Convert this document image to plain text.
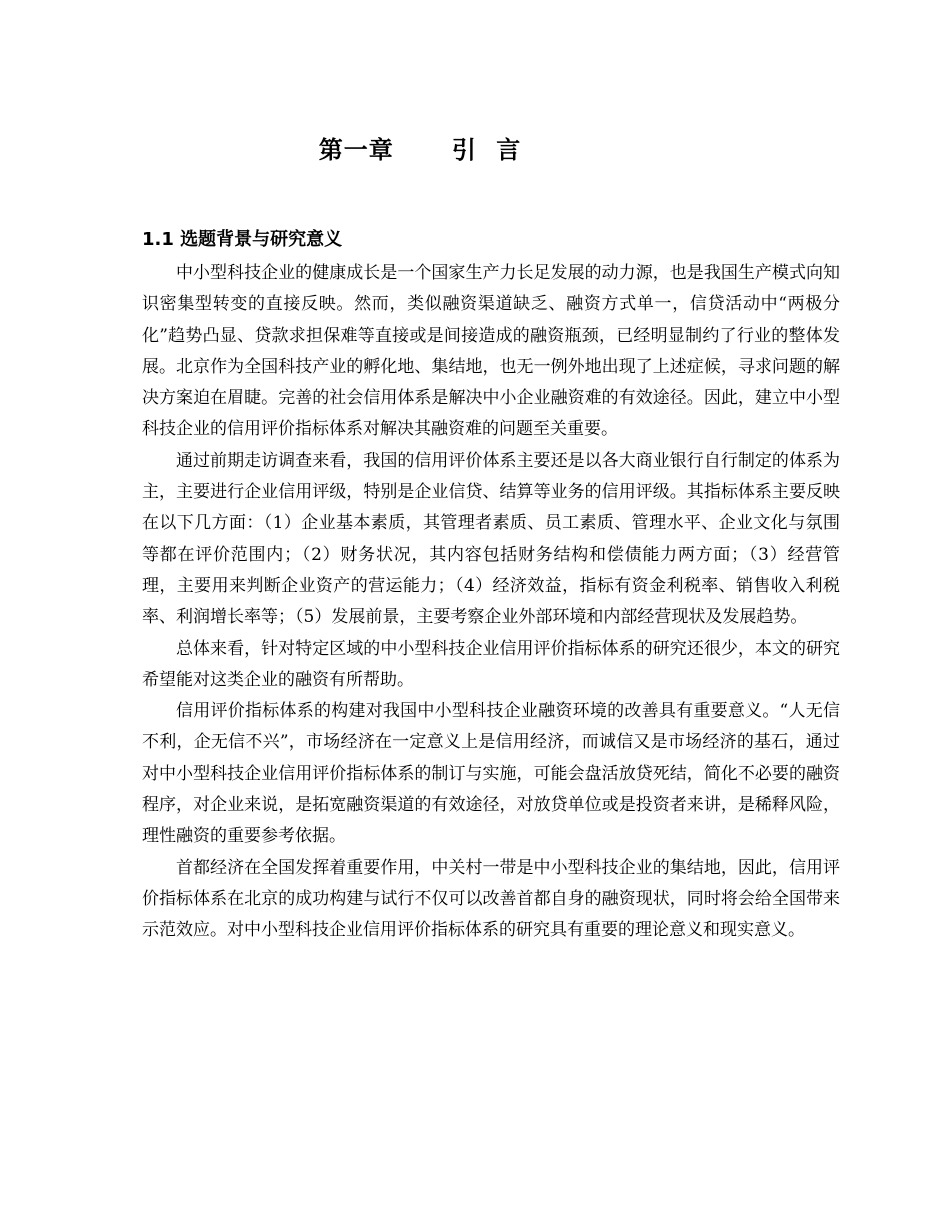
第一章   引 言
1.1 选题背景与研究意义

中小型科技企业的健康成长是一个国家生产力长足发展的动力源，也是我国生产模式向知识密集型转变的直接反映。然而，类似融资渠道缺乏、融资方式单一，信贷活动中“两极分化”趋势凸显、贷款求担保难等直接或是间接造成的融资瓶颈，已经明显制约了行业的整体发展。北京作为全国科技产业的孵化地、集结地，也无一例外地出现了上述症候，寻求问题的解决方案迫在眉睫。完善的社会信用体系是解决中小企业融资难的有效途径。因此，建立中小型科技企业的信用评价指标体系对解决其融资难的问题至关重要。

通过前期走访调查来看，我国的信用评价体系主要还是以各大商业银行自行制定的体系为主，主要进行企业信用评级，特别是企业信贷、结算等业务的信用评级。其指标体系主要反映在以下几方面：（1）企业基本素质，其管理者素质、员工素质、管理水平、企业文化与氛围等都在评价范围内；（2）财务状况，其内容包括财务结构和偿债能力两方面；（3）经营管理，主要用来判断企业资产的营运能力；（4）经济效益，指标有资金利税率、销售收入利税率、利润增长率等；（5）发展前景，主要考察企业外部环境和内部经营现状及发展趋势。

总体来看，针对特定区域的中小型科技企业信用评价指标体系的研究还很少，本文的研究希望能对这类企业的融资有所帮助。

信用评价指标体系的构建对我国中小型科技企业融资环境的改善具有重要意义。“人无信不利，企无信不兴”，市场经济在一定意义上是信用经济，而诚信又是市场经济的基石，通过对中小型科技企业信用评价指标体系的制订与实施，可能会盘活放贷死结，简化不必要的融资程序，对企业来说，是拓宽融资渠道的有效途径，对放贷单位或是投资者来讲，是稀释风险，理性融资的重要参考依据。

首都经济在全国发挥着重要作用，中关村一带是中小型科技企业的集结地，因此，信用评价指标体系在北京的成功构建与试行不仅可以改善首都自身的融资现状，同时将会给全国带来示范效应。对中小型科技企业信用评价指标体系的研究具有重要的理论意义和现实意义。
